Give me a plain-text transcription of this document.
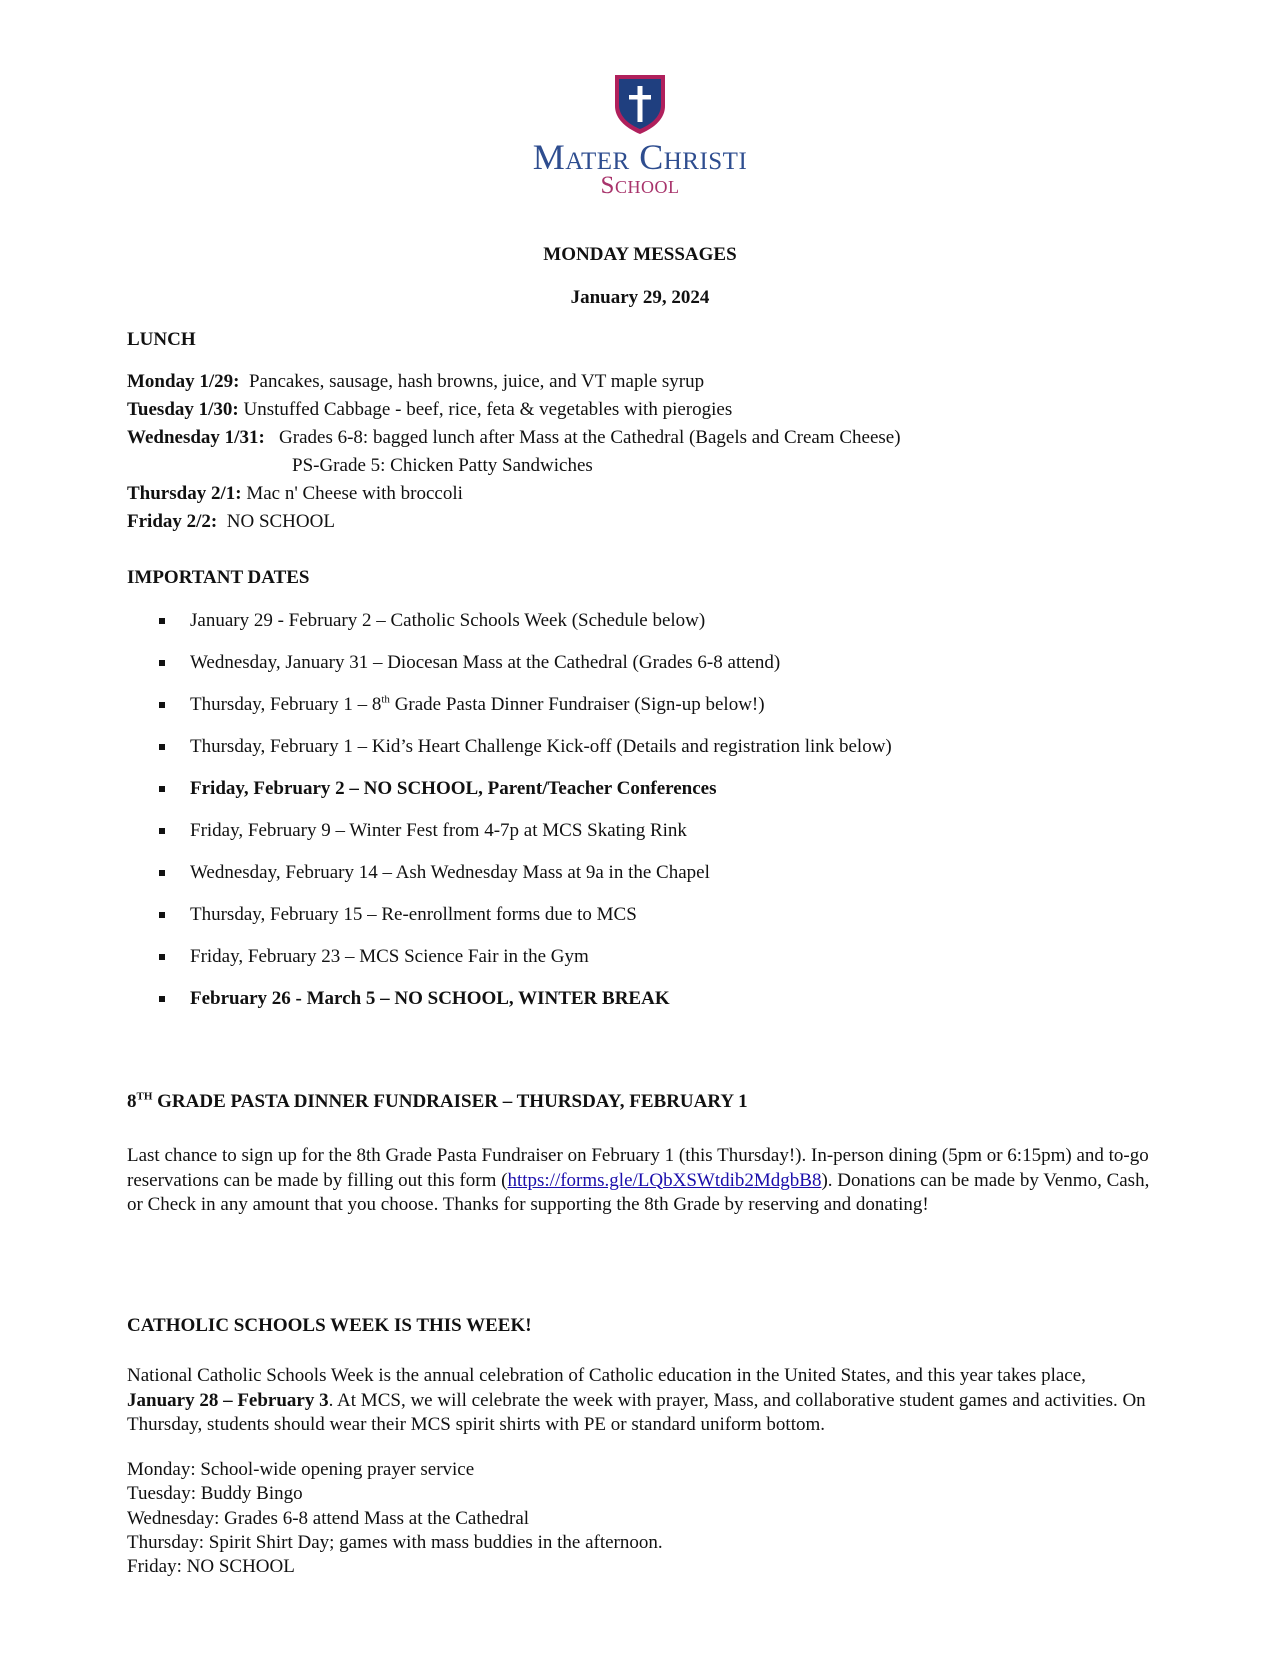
Mater Christi
School
MONDAY MESSAGES
January 29, 2024
LUNCH
Monday 1/29: Pancakes, sausage, hash browns, juice, and VT maple syrup
Tuesday 1/30: Unstuffed Cabbage - beef, rice, feta & vegetables with pierogies
Wednesday 1/31: Grades 6-8: bagged lunch after Mass at the Cathedral (Bagels and Cream Cheese)
PS-Grade 5: Chicken Patty Sandwiches
Thursday 2/1: Mac n' Cheese with broccoli
Friday 2/2: NO SCHOOL
IMPORTANT DATES
January 29 - February 2 – Catholic Schools Week (Schedule below)
Wednesday, January 31 – Diocesan Mass at the Cathedral (Grades 6-8 attend)
Thursday, February 1 – 8th Grade Pasta Dinner Fundraiser (Sign-up below!)
Thursday, February 1 – Kid’s Heart Challenge Kick-off (Details and registration link below)
Friday, February 2 – NO SCHOOL, Parent/Teacher Conferences
Friday, February 9 – Winter Fest from 4-7p at MCS Skating Rink
Wednesday, February 14 – Ash Wednesday Mass at 9a in the Chapel
Thursday, February 15 – Re-enrollment forms due to MCS
Friday, February 23 – MCS Science Fair in the Gym
February 26 - March 5 – NO SCHOOL, WINTER BREAK
8TH GRADE PASTA DINNER FUNDRAISER – THURSDAY, FEBRUARY 1
Last chance to sign up for the 8th Grade Pasta Fundraiser on February 1 (this Thursday!). In-person dining (5pm or 6:15pm) and to-go reservations can be made by filling out this form (https://forms.gle/LQbXSWtdib2MdgbB8). Donations can be made by Venmo, Cash, or Check in any amount that you choose. Thanks for supporting the 8th Grade by reserving and donating!
CATHOLIC SCHOOLS WEEK IS THIS WEEK!
National Catholic Schools Week is the annual celebration of Catholic education in the United States, and this year takes place, January 28 – February 3. At MCS, we will celebrate the week with prayer, Mass, and collaborative student games and activities. On Thursday, students should wear their MCS spirit shirts with PE or standard uniform bottom.
Monday: School-wide opening prayer service
Tuesday: Buddy Bingo
Wednesday: Grades 6-8 attend Mass at the Cathedral
Thursday: Spirit Shirt Day; games with mass buddies in the afternoon.
Friday: NO SCHOOL
